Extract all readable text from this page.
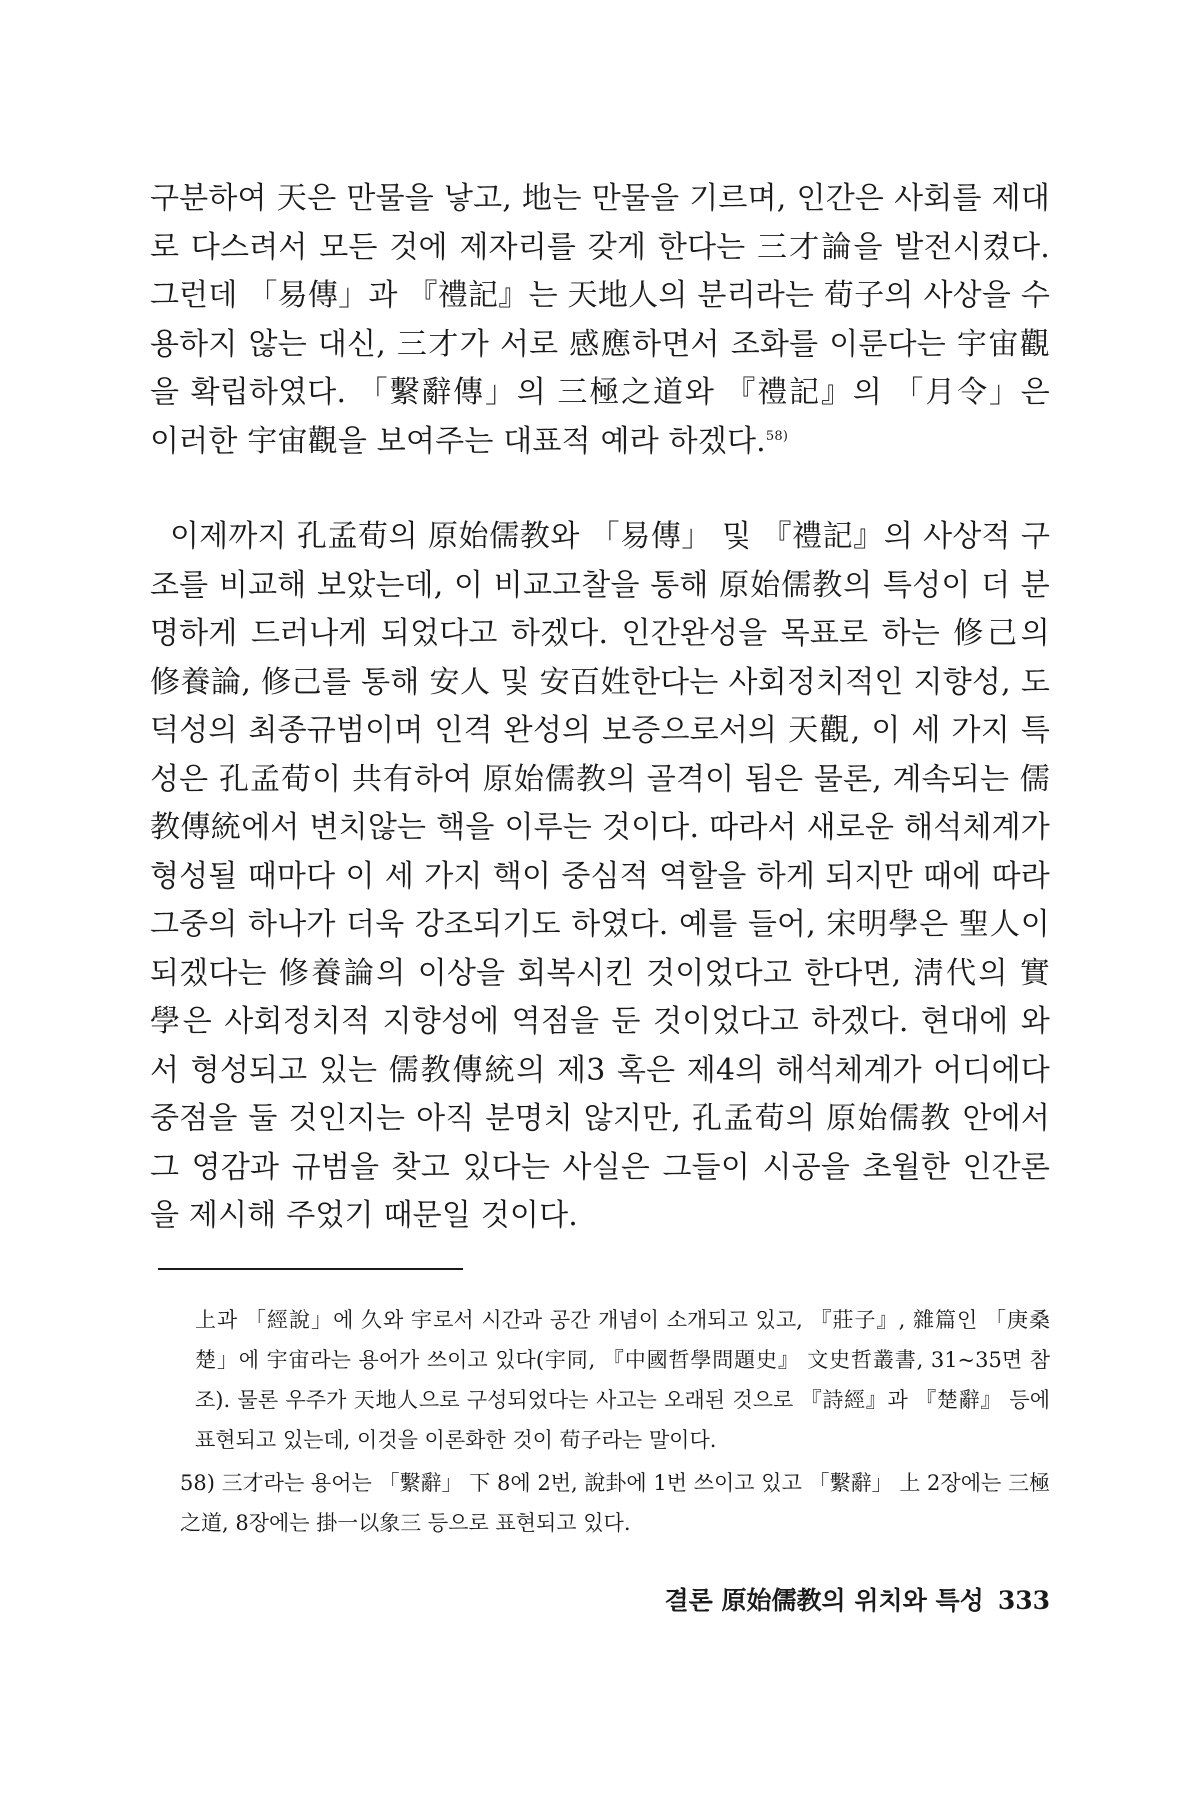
구분하여 天은 만물을 낳고, 地는 만물을 기르며, 인간은 사회를 제대로 다스려서 모든 것에 제자리를 갖게 한다는 三才論을 발전시켰다. 그런데 「易傳」과 『禮記』는 天地人의 분리라는 荀子의 사상을 수용하지 않는 대신, 三才가 서로 感應하면서 조화를 이룬다는 宇宙觀을 확립하였다. 「繫辭傳」의 三極之道와 『禮記』의 「月令」은 이러한 宇宙觀을 보여주는 대표적 예라 하겠다.$^{58)}$

이제까지 孔孟荀의 原始儒教와 「易傳」 및 『禮記』의 사상적 구조를 비교해 보았는데, 이 비교고찰을 통해 原始儒教의 특성이 더 분명하게 드러나게 되었다고 하겠다. 인간완성을 목표로 하는 修己의 修養論, 修己를 통해 安人 및 安百姓한다는 사회정치적인 지향성, 도덕성의 최종규범이며 인격 완성의 보증으로서의 天觀, 이 세 가지 특성은 孔孟荀이 共有하여 原始儒教의 골격이 됨은 물론, 계속되는 儒教傳統에서 변치않는 핵을 이루는 것이다. 따라서 새로운 해석체계가 형성될 때마다 이 세 가지 핵이 중심적 역할을 하게 되지만 때에 따라 그중의 하나가 더욱 강조되기도 하였다. 예를 들어, 宋明學은 聖人이 되겠다는 修養論의 이상을 회복시킨 것이었다고 한다면, 淸代의 實學은 사회정치적 지향성에 역점을 둔 것이었다고 하겠다. 현대에 와서 형성되고 있는 儒教傳統의 제3 혹은 제4의 해석체계가 어디에다 중점을 둘 것인지는 아직 분명치 않지만, 孔孟荀의 原始儒教 안에서 그 영감과 규범을 찾고 있다는 사실은 그들이 시공을 초월한 인간론을 제시해 주었기 때문일 것이다.

上과 「經說」에 久와 宇로서 시간과 공간 개념이 소개되고 있고, 『莊子』, 雜篇인 「庚桑楚」에 宇宙라는 용어가 쓰이고 있다(宇同, 『中國哲學問題史』 文史哲叢書, 31~35면 참조). 물론 우주가 天地人으로 구성되었다는 사고는 오래된 것으로 『詩經』과 『楚辭』 등에 표현되고 있는데, 이것을 이론화한 것이 荀子라는 말이다.

58) 三才라는 용어는 「繫辭」 下 8에 2번, 說卦에 1번 쓰이고 있고 「繫辭」 上 2장에는 三極之道, 8장에는 掛一以象三 등으로 표현되고 있다.

결론 原始儒教의 위치와 특성 333
